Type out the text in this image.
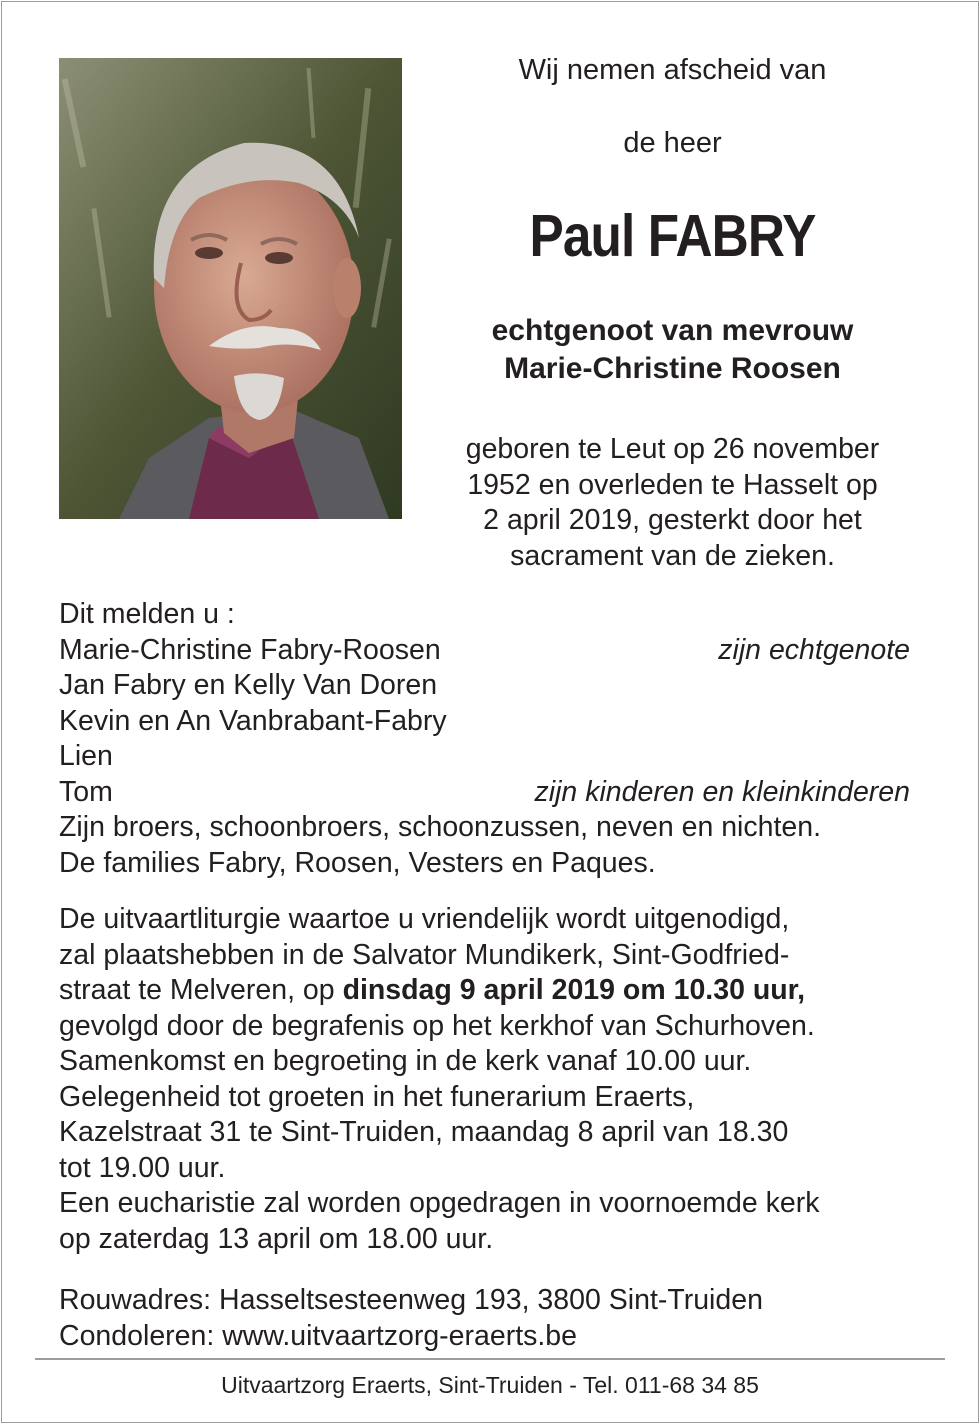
Wij nemen afscheid van
de heer
Paul FABRY
echtgenoot van mevrouw
Marie-Christine Roosen
geboren te Leut op 26 november
1952 en overleden te Hasselt op
2 april 2019, gesterkt door het
sacrament van de zieken.
Dit melden u :
Marie-Christine Fabry-Roosen	zijn echtgenote
Jan Fabry en Kelly Van Doren
Kevin en An Vanbrabant-Fabry
Lien
Tom	zijn kinderen en kleinkinderen
Zijn broers, schoonbroers, schoonzussen, neven en nichten.
De families Fabry, Roosen, Vesters en Paques.
De uitvaartliturgie waartoe u vriendelijk wordt uitgenodigd,
zal plaatshebben in de Salvator Mundikerk, Sint-Godfried-
straat te Melveren, op dinsdag 9 april 2019 om 10.30 uur,
gevolgd door de begrafenis op het kerkhof van Schurhoven.
Samenkomst en begroeting in de kerk vanaf 10.00 uur.
Gelegenheid tot groeten in het funerarium Eraerts,
Kazelstraat 31 te Sint-Truiden, maandag 8 april van 18.30
tot 19.00 uur.
Een eucharistie zal worden opgedragen in voornoemde kerk
op zaterdag 13 april om 18.00 uur.
Rouwadres: Hasseltsesteenweg 193, 3800 Sint-Truiden
Condoleren: www.uitvaartzorg-eraerts.be
Uitvaartzorg Eraerts, Sint-Truiden - Tel. 011-68 34 85
